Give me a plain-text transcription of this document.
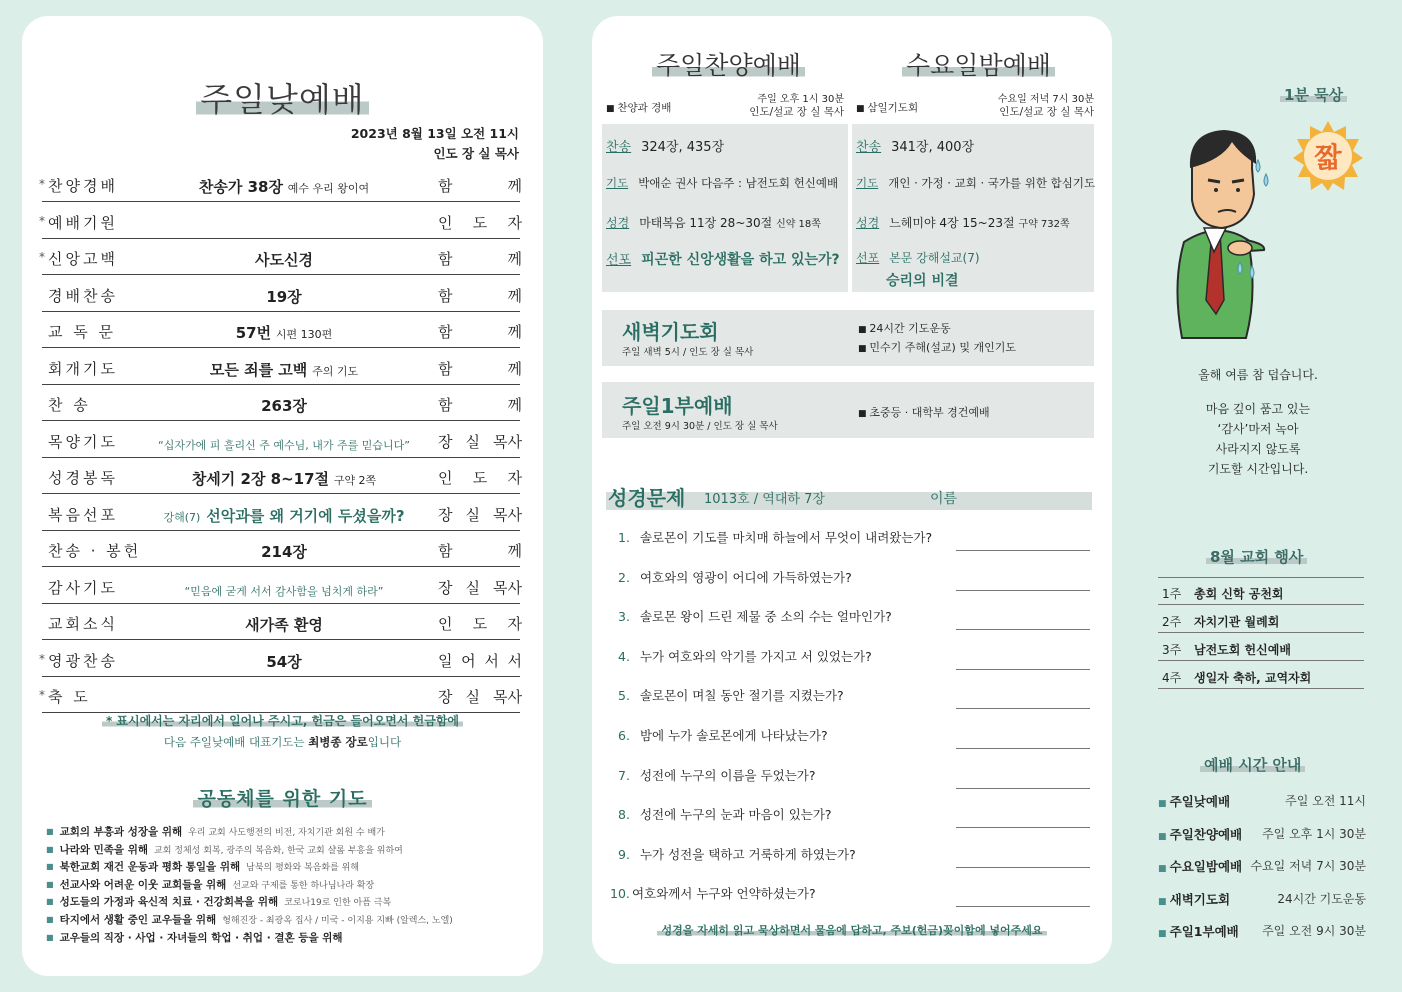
주일낮예배
2023년 8월 13일 오전 11시
인도 장 실 목사
* 표시에서는 자리에서 일어나 주시고, 헌금은 들어오면서 헌금함에
다음 주일낮예배 대표기도는 최병종 장로입니다
공동체를 위한 기도
* 찬양경배	찬송가 38장 예수 우리 왕이여	함	께
* 예배기원	인 도 자
* 신앙고백	사도신경	함	께
경배찬송	19장	함	께
교 독 문	57번 시편 130편	함	께
회개기도	모든 죄를 고백 주의 기도	함	께
찬 송	263장	함	께
목양기도	“십자가에 피 흘리신 주 예수님, 내가 주를 믿습니다”	장 실 목사
성경봉독	창세기 2장 8~17절 구약 2쪽	인 도 자
복음선포	강해(7) 선악과를 왜 거기에 두셨을까?	장 실 목사
찬송 · 봉헌	214장	함	께
감사기도	“믿음에 굳게 서서 감사함을 넘치게 하라”	장 실 목사
교회소식	새가족 환영	인 도 자
* 영광찬송	54장	일 어 서 서
* 축 도	장 실 목사
■ 교회의 부흥과 성장을 위해 우리 교회 사도행전의 비전, 자치기관 회원 수 배가
■ 나라와 민족을 위해 교회 정체성 회복, 광주의 복음화, 한국 교회 샬롬 부흥을 위하여
■ 북한교회 재건 운동과 평화 통일을 위해 남북의 평화와 복음화를 위해
■ 선교사와 어려운 이웃 교회들을 위해 선교와 구제를 통한 하나님나라 확장
■ 성도들의 가정과 육신적 치료 · 건강회복을 위해 코로나19로 인한 아픔 극복
■ 타지에서 생활 중인 교우들을 위해 형해진장 - 최광옥 집사 / 미국 - 이지용 지빠 (알렉스, 노엘)
■ 교우들의 직장 · 사업 · 자녀들의 학업 · 취업 · 결혼 등을 위해
주일찬양예배	수요일밤예배
■ 찬양과 경배
주일 오후 1시 30분
인도/설교 장 실 목사
■	삼일기도회
수요일 저녁 7시 30분
인도/설교 장 실 목사
찬송 324장, 435장
기도 박애순 권사 다음주 : 남전도회 헌신예배
성경 마태복음 11장 28~30절 신약 18쪽
선포 피곤한 신앙생활을 하고 있는가?
찬송 341장, 400장
기도 개인 · 가정 · 교회 · 국가를 위한 합심기도
성경 느헤미야 4장 15~23절 구약 732쪽
선포 본문 강해설교(7)
승리의 비결
새벽기도회
주일 새벽 5시 / 인도 장 실 목사
■ 24시간 기도운동
■ 민수기 주해(설교) 및 개인기도
주일1부예배
주일 오전 9시 30분 / 인도 장 실 목사
■ 초중등 · 대학부 경건예배
성경문제 1013호 / 역대하 7장	이름
성경을 자세히 읽고 묵상하면서 물음에 답하고, 주보(헌금)꽂이함에 넣어주세요
1. 솔로몬이 기도를 마치매 하늘에서 무엇이 내려왔는가?
2. 여호와의 영광이 어디에 가득하였는가?
3. 솔로몬 왕이 드린 제물 중 소의 수는 얼마인가?
4. 누가 여호와의 악기를 가지고 서 있었는가?
5. 솔로몬이 며칠 동안 절기를 지켰는가?
6. 밤에 누가 솔로몬에게 나타났는가?
7. 성전에 누구의 이름을 두었는가?
8. 성전에 누구의 눈과 마음이 있는가?
9. 누가 성전을 택하고 거룩하게 하였는가?
10. 여호와께서 누구와 언약하셨는가?
1분 묵상
짧
올해 여름 참 덥습니다.
마음 깊이 품고 있는
‘감사’마저 녹아
사라지지 않도록
기도할 시간입니다.
8월 교회 행사
예배 시간 안내
1주 총회 신학 공천회
2주 자치기관 월례회
3주 남전도회 헌신예배
4주 생일자 축하, 교역자회
■ 주일낮예배	주일 오전 11시
■ 주일찬양예배 주일 오후 1시 30분
■ 수요일밤예배 수요일 저녁 7시 30분
■ 새벽기도회	24시간 기도운동
■ 주일1부예배 주일 오전 9시 30분
